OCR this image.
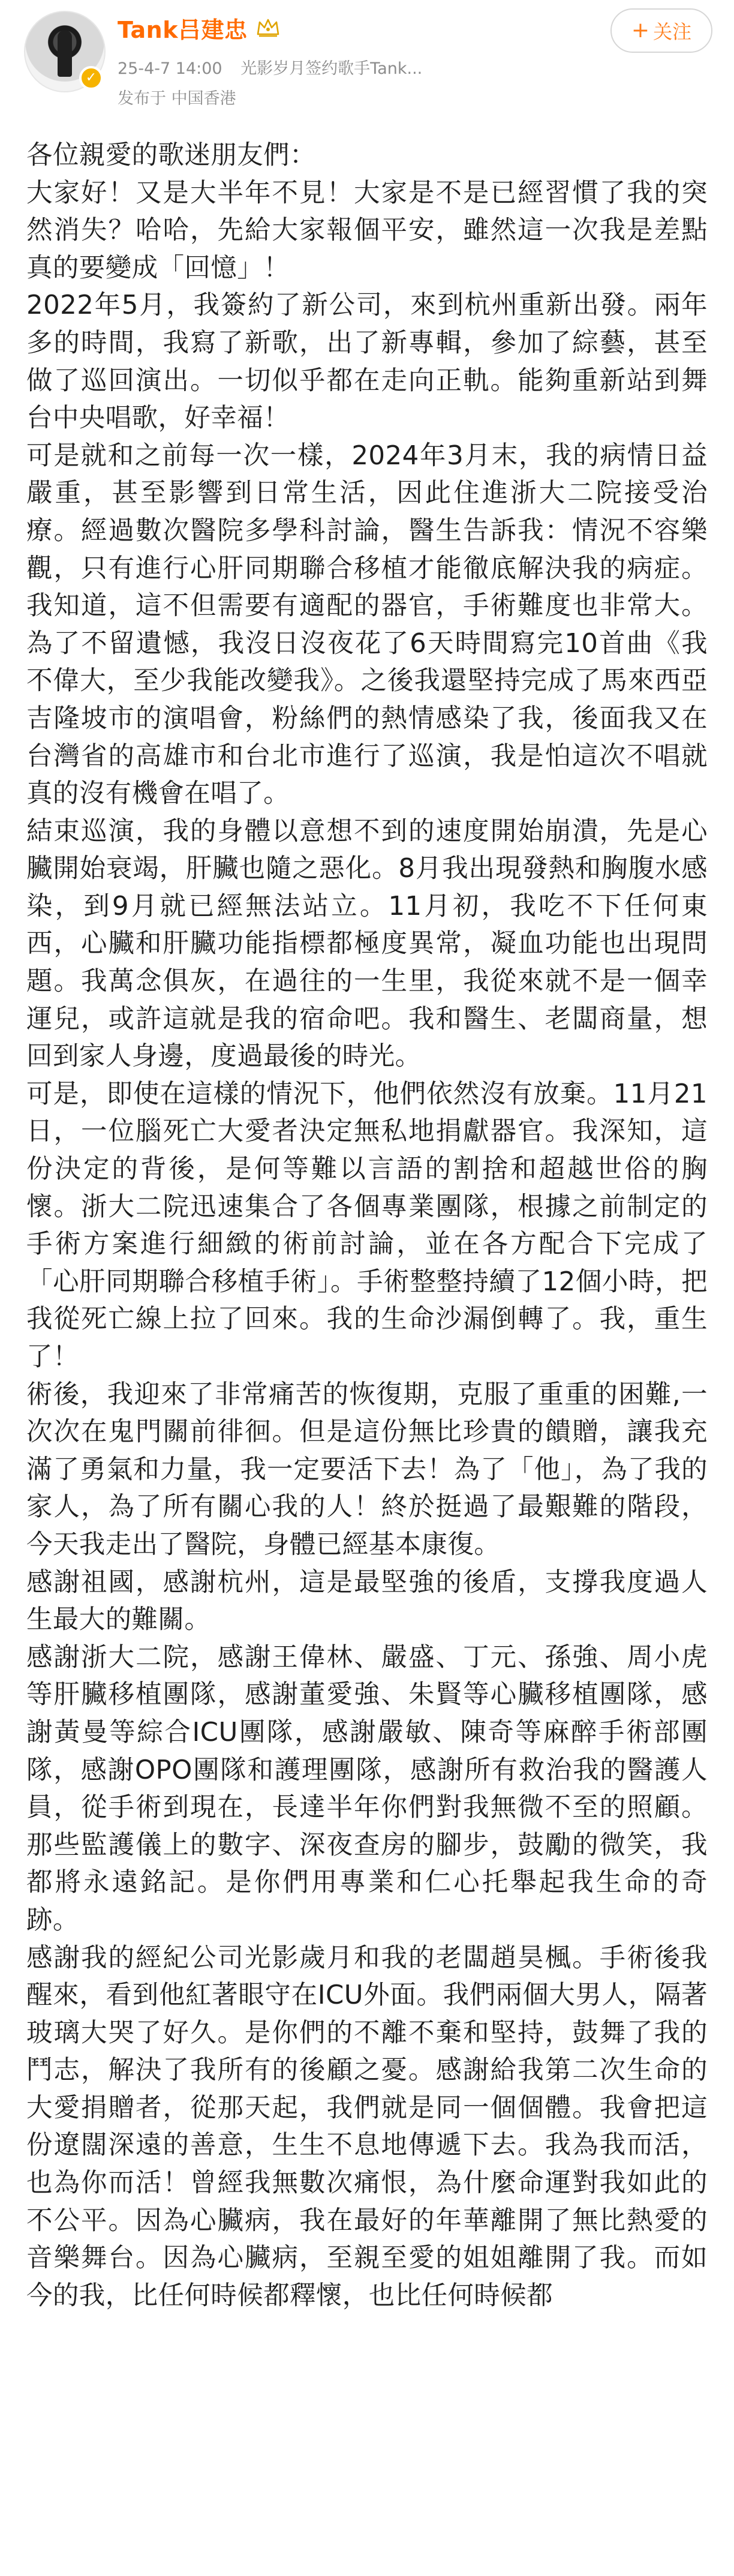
✓
Tank吕建忠
25-4-7 14:00 光影岁月签约歌手Tank...
发布于 中国香港
+ 关注

各位親愛的歌迷朋友們：

大家好！又是大半年不見！大家是不是已經習慣了我的突然消失？哈哈，先給大家報個平安，雖然這一次我是差點真的要變成「回憶」！

2022年5月，我簽約了新公司，來到杭州重新出發。兩年多的時間，我寫了新歌，出了新專輯，參加了綜藝，甚至做了巡回演出。一切似乎都在走向正軌。能夠重新站到舞台中央唱歌，好幸福！

可是就和之前每一次一樣，2024年3月末，我的病情日益嚴重，甚至影響到日常生活，因此住進浙大二院接受治療。經過數次醫院多學科討論，醫生告訴我：情況不容樂觀，只有進行心肝同期聯合移植才能徹底解決我的病症。我知道，這不但需要有適配的器官，手術難度也非常大。為了不留遺憾，我沒日沒夜花了6天時間寫完10首曲《我不偉大，至少我能改變我》。之後我還堅持完成了馬來西亞吉隆坡市的演唱會，粉絲們的熱情感染了我，後面我又在台灣省的高雄市和台北市進行了巡演，我是怕這次不唱就真的沒有機會在唱了。

結束巡演，我的身體以意想不到的速度開始崩潰，先是心臟開始衰竭，肝臟也隨之惡化。8月我出現發熱和胸腹水感染，到9月就已經無法站立。11月初，我吃不下任何東西，心臟和肝臟功能指標都極度異常，凝血功能也出現問題。我萬念俱灰，在過往的一生里，我從來就不是一個幸運兒，或許這就是我的宿命吧。我和醫生、老闆商量，想回到家人身邊，度過最後的時光。

可是，即使在這樣的情況下，他們依然沒有放棄。11月21日，一位腦死亡大愛者決定無私地捐獻器官。我深知，這份決定的背後，是何等難以言語的割捨和超越世俗的胸懷。浙大二院迅速集合了各個專業團隊，根據之前制定的手術方案進行細緻的術前討論，並在各方配合下完成了「心肝同期聯合移植手術」。手術整整持續了12個小時，把我從死亡線上拉了回來。我的生命沙漏倒轉了。我，重生了！

術後，我迎來了非常痛苦的恢復期，克服了重重的困難,一次次在鬼門關前徘徊。但是這份無比珍貴的饋贈，讓我充滿了勇氣和力量，我一定要活下去！為了「他」，為了我的家人，為了所有關心我的人！終於挺過了最艱難的階段，今天我走出了醫院，身體已經基本康復。

感謝祖國，感謝杭州，這是最堅強的後盾，支撐我度過人生最大的難關。

感謝浙大二院，感謝王偉林、嚴盛、丁元、孫強、周小虎等肝臟移植團隊，感謝董愛強、朱賢等心臟移植團隊，感謝黃曼等綜合ICU團隊，感謝嚴敏、陳奇等麻醉手術部團隊，感謝OPO團隊和護理團隊，感謝所有救治我的醫護人員，從手術到現在，長達半年你們對我無微不至的照顧。那些監護儀上的數字、深夜查房的腳步，鼓勵的微笑，我都將永遠銘記。是你們用專業和仁心托舉起我生命的奇跡。

感謝我的經紀公司光影歲月和我的老闆趙昊楓。手術後我醒來，看到他紅著眼守在ICU外面。我們兩個大男人，隔著玻璃大哭了好久。是你們的不離不棄和堅持，鼓舞了我的鬥志，解決了我所有的後顧之憂。感謝給我第二次生命的大愛捐贈者，從那天起，我們就是同一個個體。我會把這份遼闊深遠的善意，生生不息地傳遞下去。我為我而活，也為你而活！曾經我無數次痛恨，為什麼命運對我如此的不公平。因為心臟病，我在最好的年華離開了無比熱愛的音樂舞台。因為心臟病，至親至愛的姐姐離開了我。而如今的我，比任何時候都釋懷，也比任何時候都
